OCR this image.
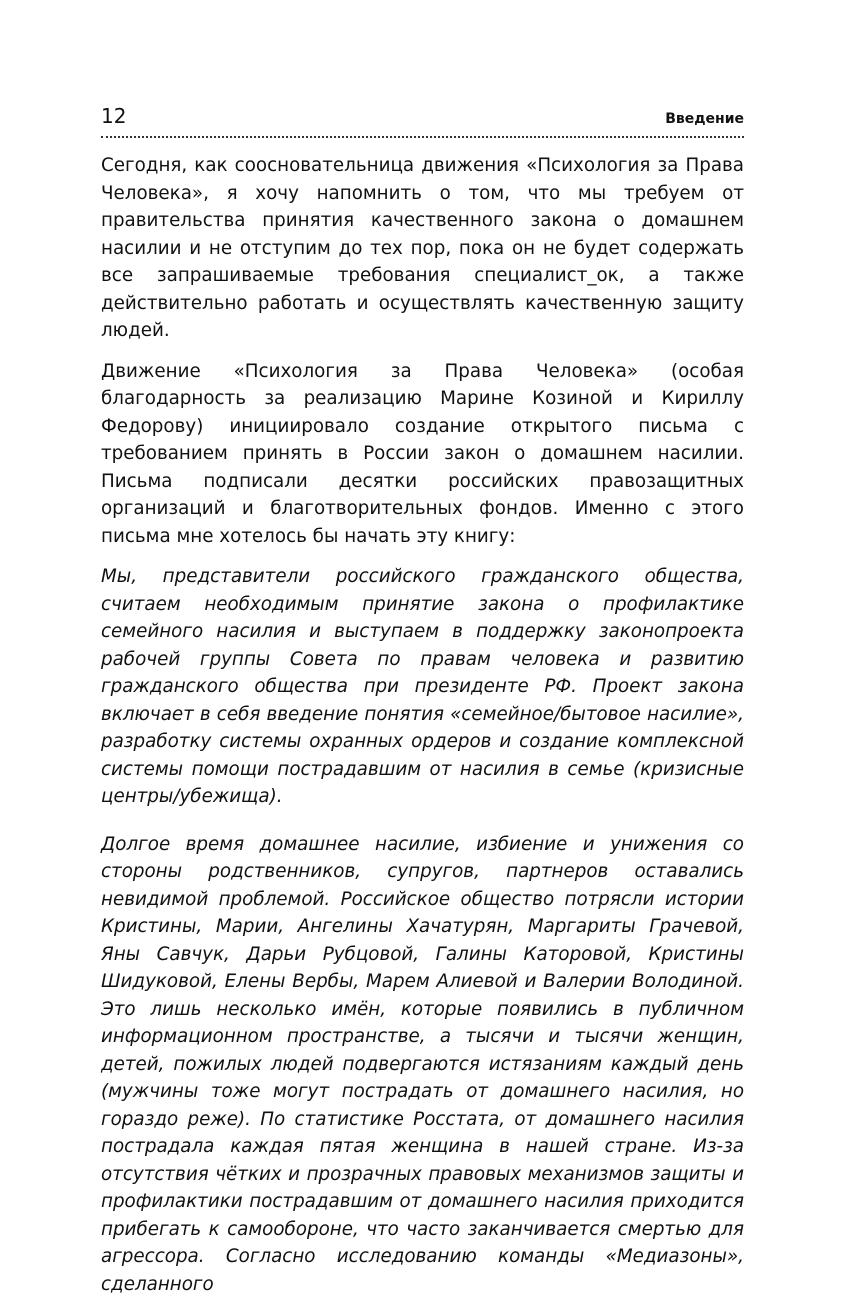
12	Введение

Сегодня, как соосновательница движения «Психология за Права Человека», я хочу напомнить о том, что мы требуем от правительства принятия качественного закона о домашнем насилии и не отступим до тех пор, пока он не будет содержать все запрашиваемые требования специалист_ок, а также действительно работать и осуществлять качественную защиту людей.

Движение «Психология за Права Человека» (особая благодарность за реализацию Марине Козиной и Кириллу Федорову) инициировало создание открытого письма с требованием принять в России закон о домашнем насилии. Письма подписали десятки российских правозащитных организаций и благотворительных фондов. Именно с этого письма мне хотелось бы начать эту книгу:

Мы, представители российского гражданского общества, считаем необходимым принятие закона о профилактике семейного насилия и выступаем в поддержку законопроекта рабочей группы Совета по правам человека и развитию гражданского общества при президенте РФ. Проект закона включает в себя введение понятия «семейное/бытовое насилие», разработку системы охранных ордеров и создание комплексной системы помощи пострадавшим от насилия в семье (кризисные центры/убежища).

Долгое время домашнее насилие, избиение и унижения со стороны родственников, супругов, партнеров оставались невидимой проблемой. Российское общество потрясли истории Кристины, Марии, Ангелины Хачатурян, Маргариты Грачевой, Яны Савчук, Дарьи Рубцовой, Галины Каторовой, Кристины Шидуковой, Елены Вербы, Марем Алиевой и Валерии Володиной. Это лишь несколько имён, которые появились в публичном информационном пространстве, а тысячи и тысячи женщин, детей, пожилых людей подвергаются истязаниям каждый день (мужчины тоже могут пострадать от домашнего насилия, но гораздо реже). По статистике Росстата, от домашнего насилия пострадала каждая пятая женщина в нашей стране. Из-за отсутствия чётких и прозрачных правовых механизмов защиты и профилактики пострадавшим от домашнего насилия приходится прибегать к самообороне, что часто заканчивается смертью для агрессора. Согласно исследованию команды «Медиазоны», сделанного
